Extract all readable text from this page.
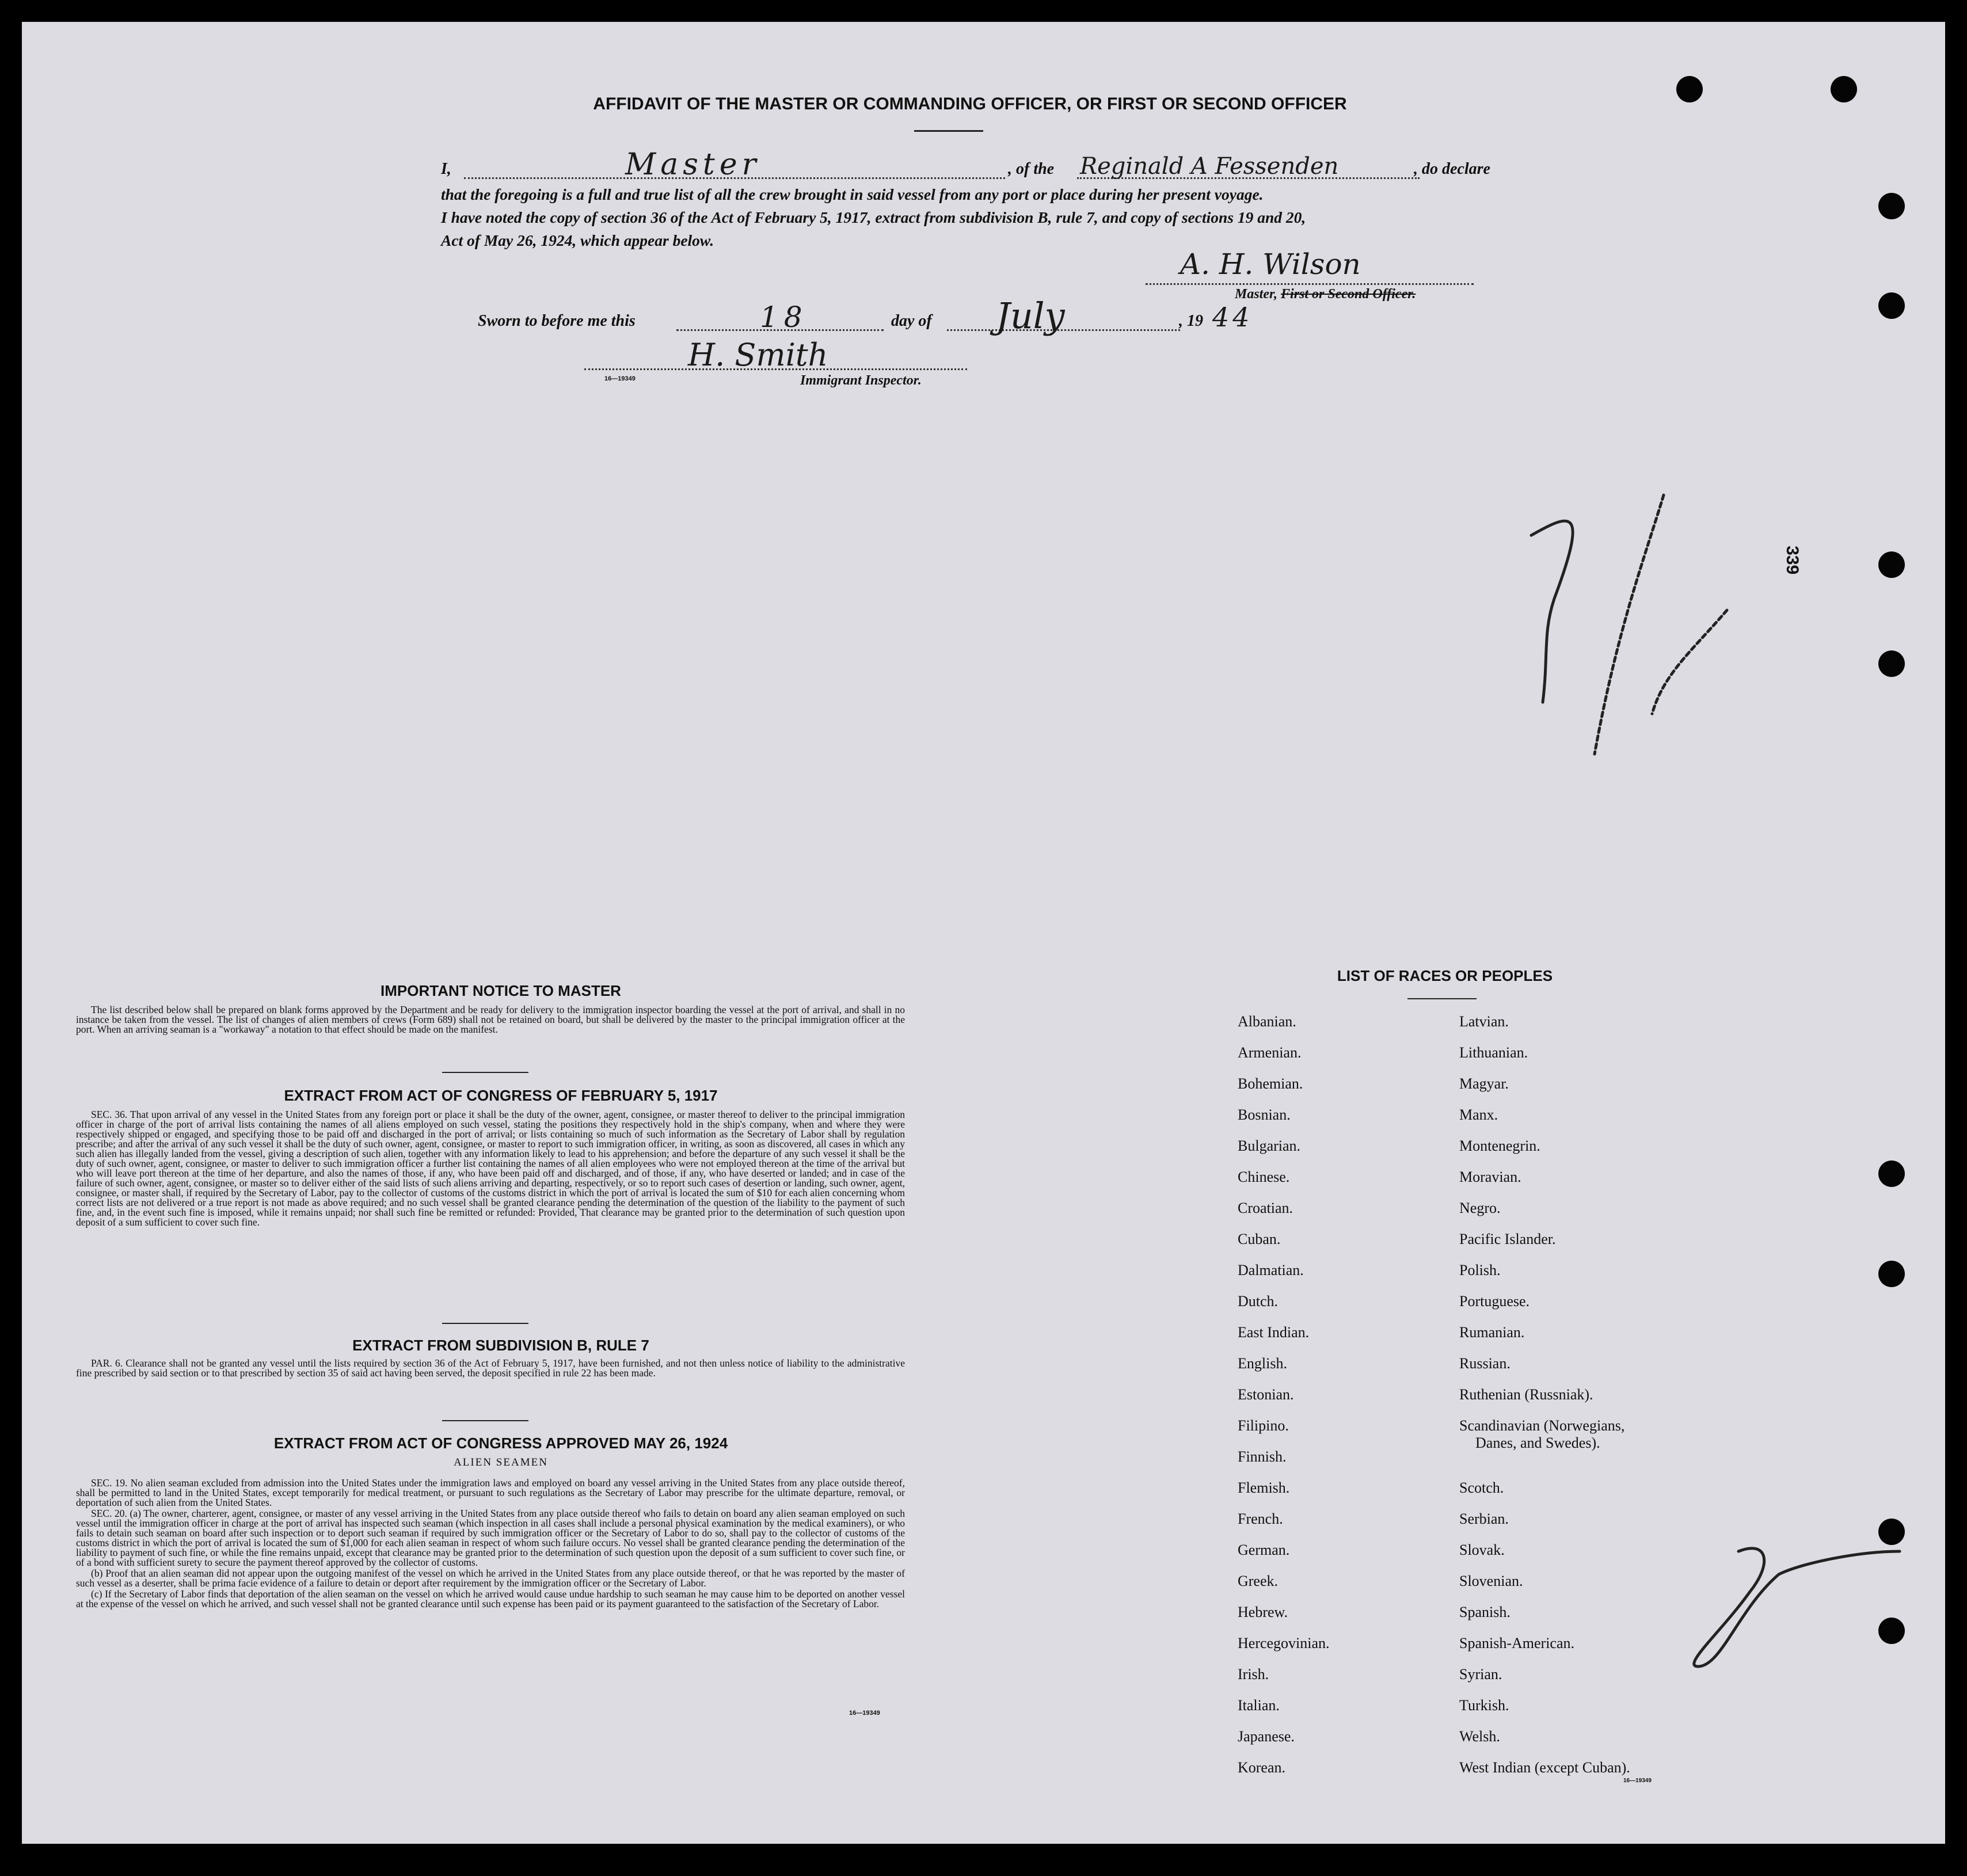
AFFIDAVIT OF THE MASTER OR COMMANDING OFFICER, OR FIRST OR SECOND OFFICER
I,	Master	, of the Reginald A Fessenden	, do declare
that the foregoing is a full and true list of all the crew brought in said vessel from any port or place during her present voyage.
I have noted the copy of section 36 of the Act of February 5, 1917, extract from subdivision B, rule 7, and copy of sections 19 and 20,
Act of May 26, 1924, which appear below.
A. H. Wilson
Master, First or Second Officer.
Sworn to before me this	18	day of July	, 19 44
H. Smith
16—19349	Immigrant Inspector.
339
IMPORTANT NOTICE TO MASTER

The list described below shall be prepared on blank forms approved by the Department and be ready for delivery to the immigration inspector boarding the vessel at the port of arrival, and shall in no instance be taken from the vessel. The list of changes of alien members of crews (Form 689) shall not be retained on board, but shall be delivered by the master to the principal immigration officer at the port. When an arriving seaman is a "workaway" a notation to that effect should be made on the manifest.

EXTRACT FROM ACT OF CONGRESS OF FEBRUARY 5, 1917

SEC. 36. That upon arrival of any vessel in the United States from any foreign port or place it shall be the duty of the owner, agent, consignee, or master thereof to deliver to the principal immigration officer in charge of the port of arrival lists containing the names of all aliens employed on such vessel, stating the positions they respectively hold in the ship's company, when and where they were respectively shipped or engaged, and specifying those to be paid off and discharged in the port of arrival; or lists containing so much of such information as the Secretary of Labor shall by regulation prescribe; and after the arrival of any such vessel it shall be the duty of such owner, agent, consignee, or master to report to such immigration officer, in writing, as soon as discovered, all cases in which any such alien has illegally landed from the vessel, giving a description of such alien, together with any information likely to lead to his apprehension; and before the departure of any such vessel it shall be the duty of such owner, agent, consignee, or master to deliver to such immigration officer a further list containing the names of all alien employees who were not employed thereon at the time of the arrival but who will leave port thereon at the time of her departure, and also the names of those, if any, who have been paid off and discharged, and of those, if any, who have deserted or landed; and in case of the failure of such owner, agent, consignee, or master so to deliver either of the said lists of such aliens arriving and departing, respectively, or so to report such cases of desertion or landing, such owner, agent, consignee, or master shall, if required by the Secretary of Labor, pay to the collector of customs of the customs district in which the port of arrival is located the sum of $10 for each alien concerning whom correct lists are not delivered or a true report is not made as above required; and no such vessel shall be granted clearance pending the determination of the question of the liability to the payment of such fine, and, in the event such fine is imposed, while it remains unpaid; nor shall such fine be remitted or refunded: Provided, That clearance may be granted prior to the determination of such question upon deposit of a sum sufficient to cover such fine.

EXTRACT FROM SUBDIVISION B, RULE 7

PAR. 6. Clearance shall not be granted any vessel until the lists required by section 36 of the Act of February 5, 1917, have been furnished, and not then unless notice of liability to the administrative fine prescribed by said section or to that prescribed by section 35 of said act having been served, the deposit specified in rule 22 has been made.

EXTRACT FROM ACT OF CONGRESS APPROVED MAY 26, 1924
ALIEN SEAMEN

SEC. 19. No alien seaman excluded from admission into the United States under the immigration laws and employed on board any vessel arriving in the United States from any place outside thereof, shall be permitted to land in the United States, except temporarily for medical treatment, or pursuant to such regulations as the Secretary of Labor may prescribe for the ultimate departure, removal, or deportation of such alien from the United States.

SEC. 20. (a) The owner, charterer, agent, consignee, or master of any vessel arriving in the United States from any place outside thereof who fails to detain on board any alien seaman employed on such vessel until the immigration officer in charge at the port of arrival has inspected such seaman (which inspection in all cases shall include a personal physical examination by the medical examiners), or who fails to detain such seaman on board after such inspection or to deport such seaman if required by such immigration officer or the Secretary of Labor to do so, shall pay to the collector of customs of the customs district in which the port of arrival is located the sum of $1,000 for each alien seaman in respect of whom such failure occurs. No vessel shall be granted clearance pending the determination of the liability to payment of such fine, or while the fine remains unpaid, except that clearance may be granted prior to the determination of such question upon the deposit of a sum sufficient to cover such fine, or of a bond with sufficient surety to secure the payment thereof approved by the collector of customs.

(b) Proof that an alien seaman did not appear upon the outgoing manifest of the vessel on which he arrived in the United States from any place outside thereof, or that he was reported by the master of such vessel as a deserter, shall be prima facie evidence of a failure to detain or deport after requirement by the immigration officer or the Secretary of Labor.

(c) If the Secretary of Labor finds that deportation of the alien seaman on the vessel on which he arrived would cause undue hardship to such seaman he may cause him to be deported on another vessel at the expense of the vessel on which he arrived, and such vessel shall not be granted clearance until such expense has been paid or its payment guaranteed to the satisfaction of the Secretary of Labor.

16—19349
LIST OF RACES OR PEOPLES
Albanian.
Armenian.
Bohemian.
Bosnian.
Bulgarian.
Chinese.
Croatian.
Cuban.
Dalmatian.
Dutch.
East Indian.
English.
Estonian.
Filipino.
Finnish.
Flemish.
French.
German.
Greek.
Hebrew.
Hercegovinian.
Irish.
Italian.
Japanese.
Korean.
Latvian.
Lithuanian.
Magyar.
Manx.
Montenegrin.
Moravian.
Negro.
Pacific Islander.
Polish.
Portuguese.
Rumanian.
Russian.
Ruthenian (Russniak).
Scandinavian (Norwegians,
Danes, and Swedes).
Scotch.
Serbian.
Slovak.
Slovenian.
Spanish.
Spanish-American.
Syrian.
Turkish.
Welsh.
West Indian (except Cuban).
16—19349
